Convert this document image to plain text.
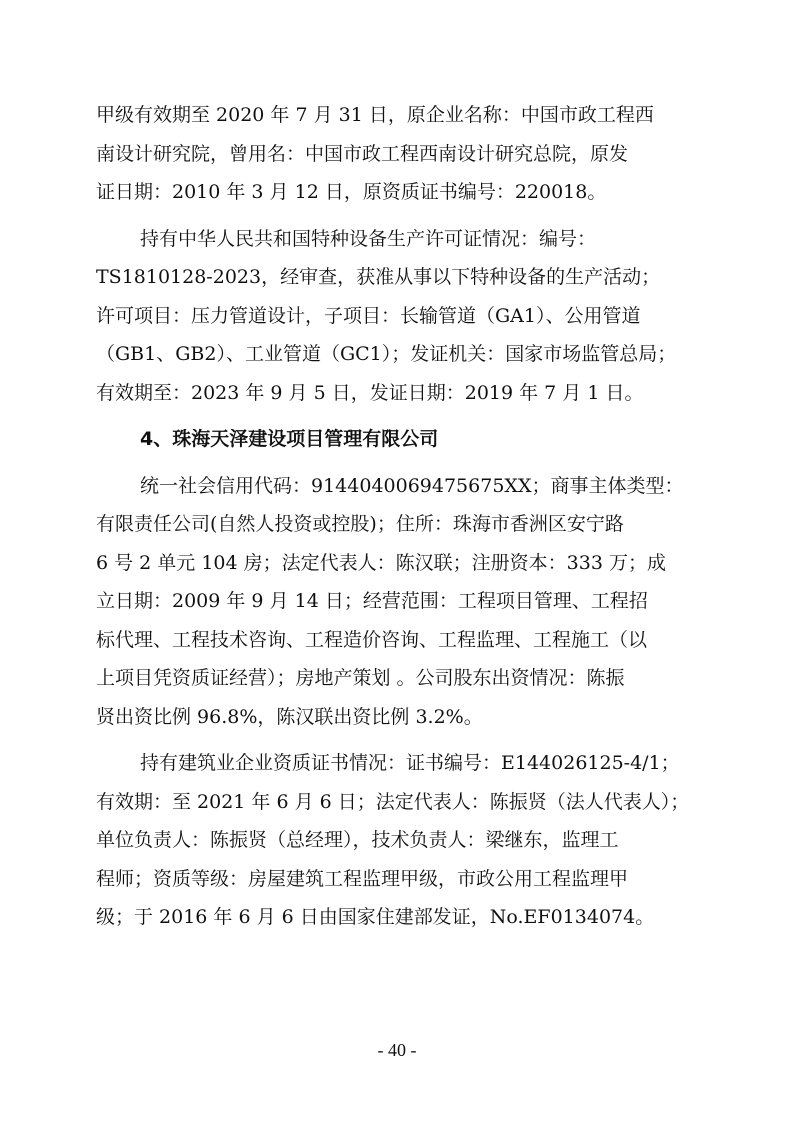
甲级有效期至 2020 年 7 月 31 日，原企业名称：中国市政工程西
南设计研究院，曾用名：中国市政工程西南设计研究总院，原发
证日期：2010 年 3 月 12 日，原资质证书编号：220018。
持有中华人民共和国特种设备生产许可证情况：编号：
TS1810128-2023，经审查，获准从事以下特种设备的生产活动；
许可项目：压力管道设计，子项目：长输管道（GA1）、公用管道
（GB1、GB2）、工业管道（GC1）；发证机关：国家市场监管总局；
有效期至：2023 年 9 月 5 日，发证日期：2019 年 7 月 1 日。
4、珠海天泽建设项目管理有限公司
统一社会信用代码：9144040069475675XX；商事主体类型：
有限责任公司(自然人投资或控股)；住所：珠海市香洲区安宁路
6 号 2 单元 104 房；法定代表人：陈汉联；注册资本：333 万；成
立日期：2009 年 9 月 14 日；经营范围：工程项目管理、工程招
标代理、工程技术咨询、工程造价咨询、工程监理、工程施工（以
上项目凭资质证经营）；房地产策划 。公司股东出资情况：陈振
贤出资比例 96.8%，陈汉联出资比例 3.2%。
持有建筑业企业资质证书情况：证书编号：E144026125-4/1；
有效期：至 2021 年 6 月 6 日；法定代表人：陈振贤（法人代表人）；
单位负责人：陈振贤（总经理），技术负责人：梁继东，监理工
程师；资质等级：房屋建筑工程监理甲级，市政公用工程监理甲
级；于 2016 年 6 月 6 日由国家住建部发证，No.EF0134074。
- 40 -
